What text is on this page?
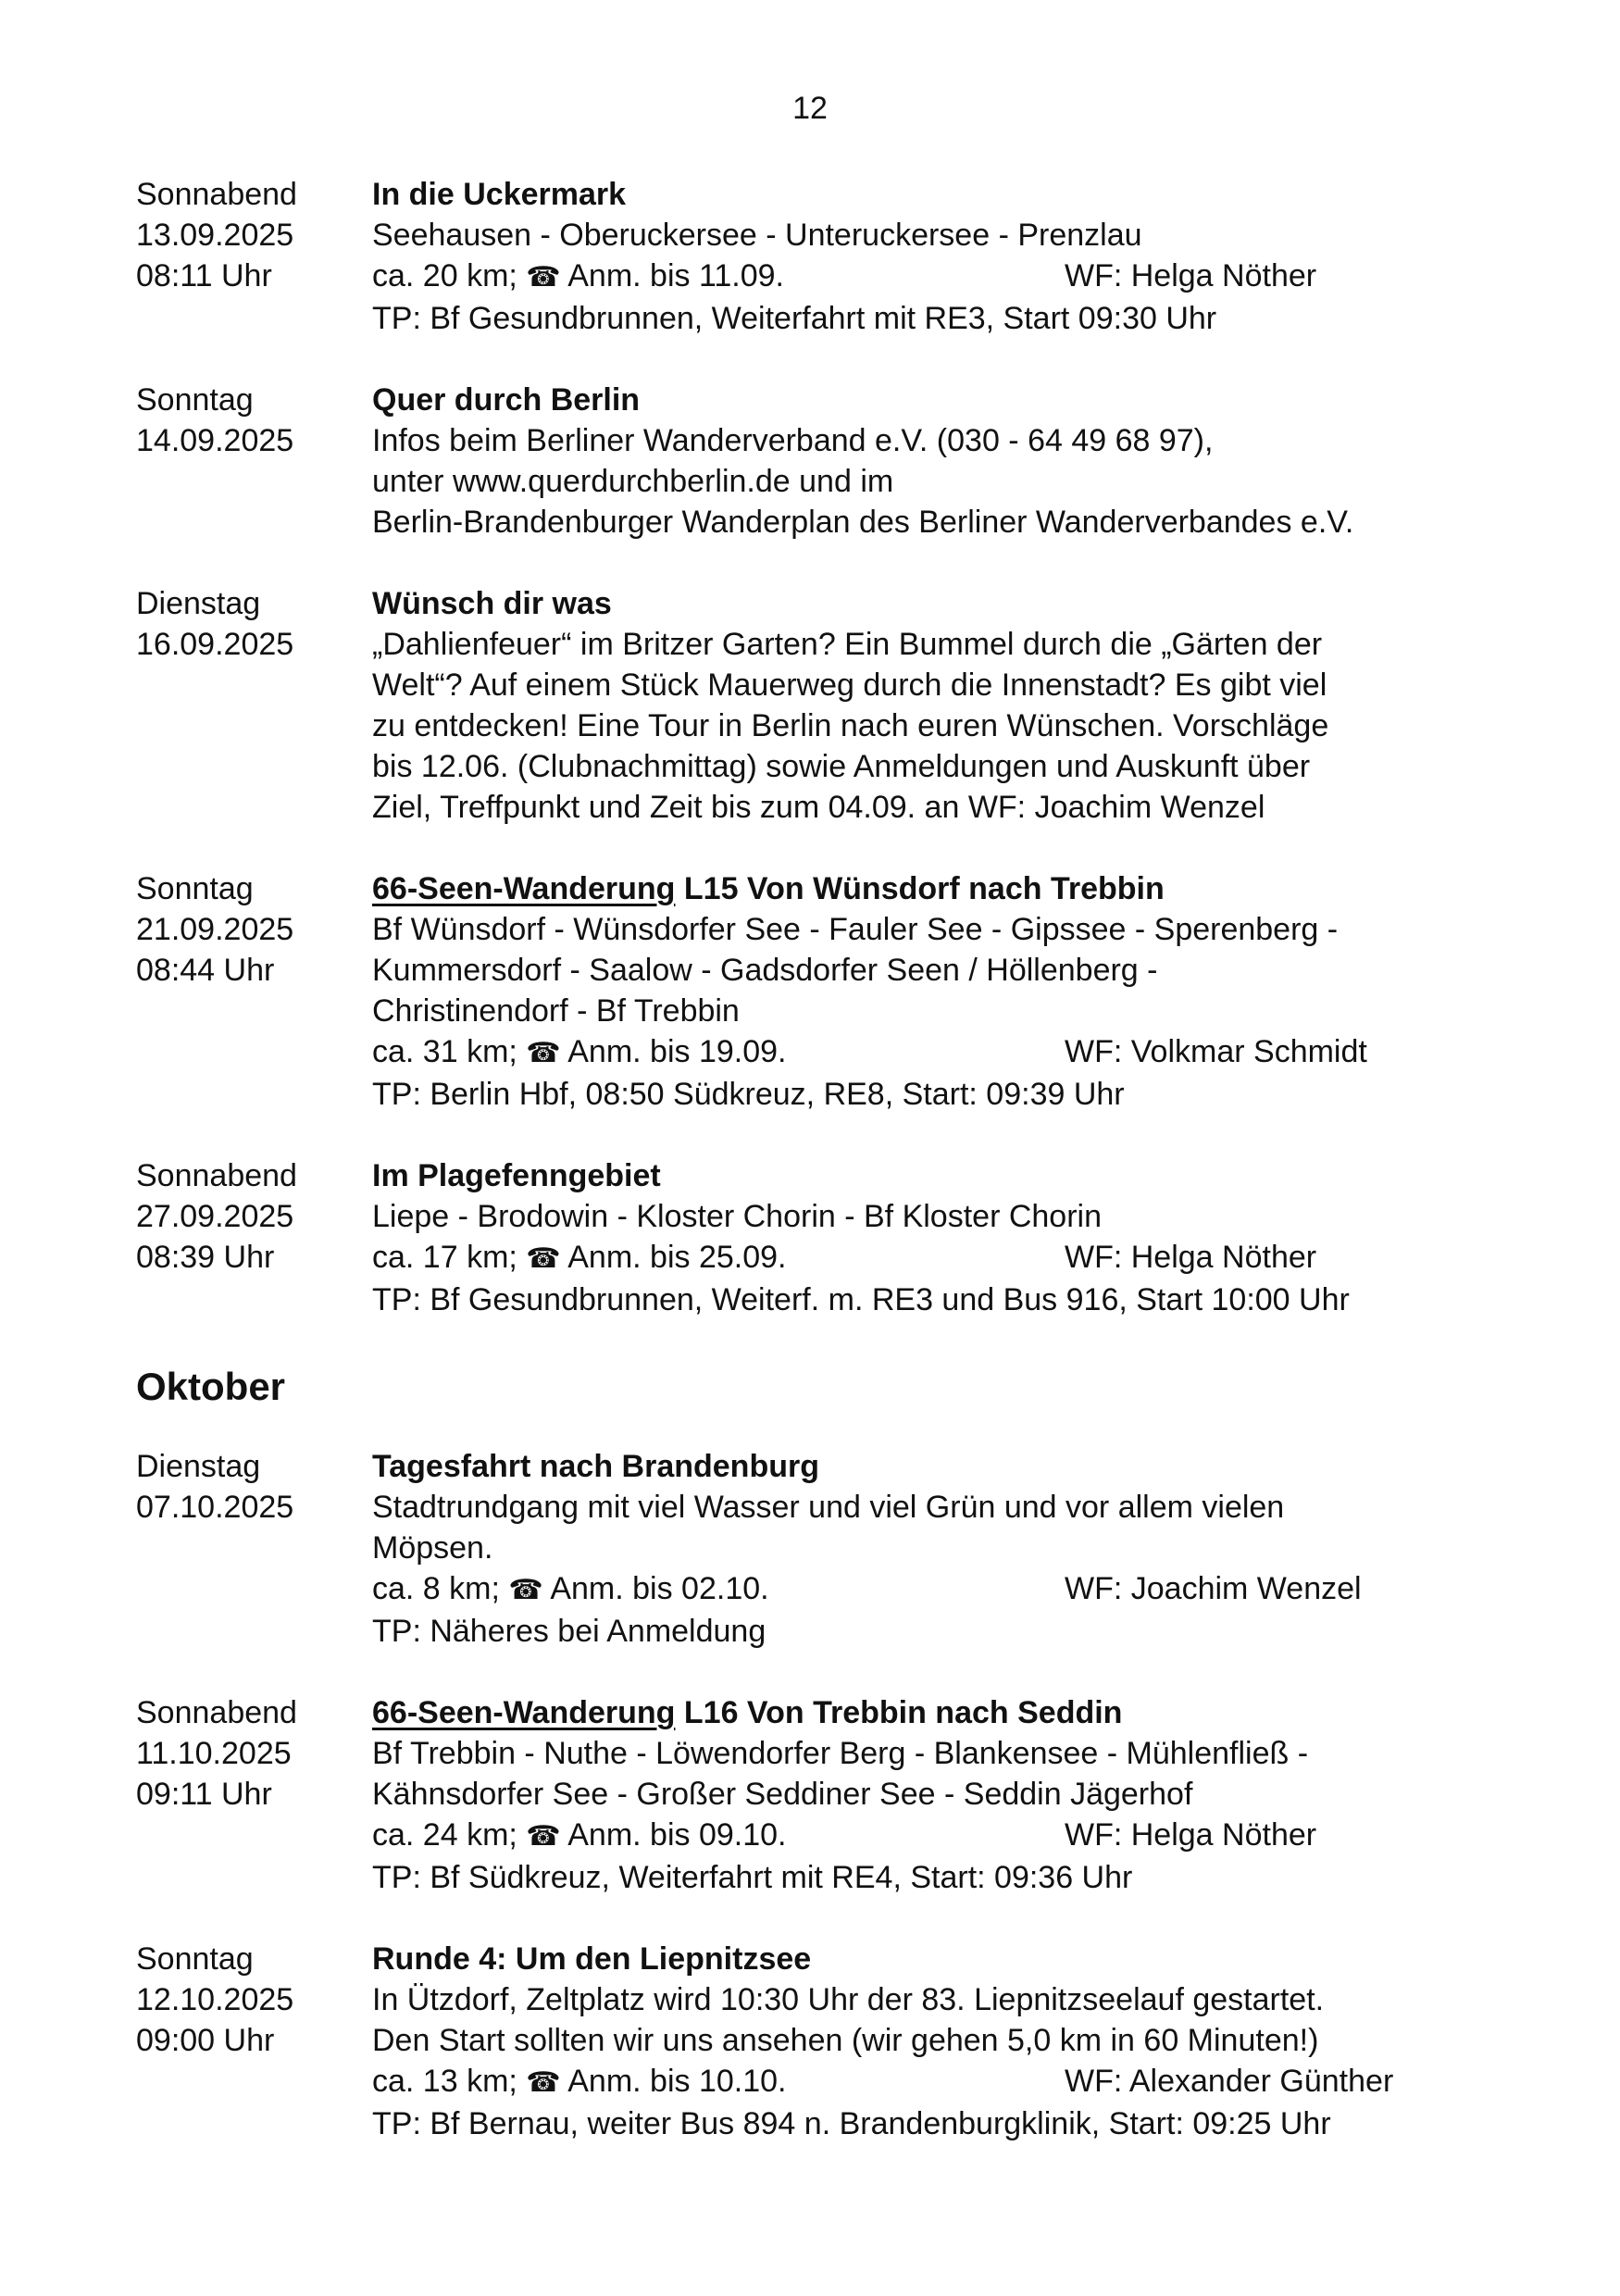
12
Sonnabend
13.09.2025
08:11 Uhr
In die Uckermark
Seehausen - Oberuckersee - Unteruckersee - Prenzlau
ca. 20 km; ☎ Anm. bis 11.09.	WF: Helga Nöther
TP: Bf Gesundbrunnen, Weiterfahrt mit RE3, Start 09:30 Uhr
Sonntag
14.09.2025
Quer durch Berlin
Infos beim Berliner Wanderverband e.V. (030 - 64 49 68 97),
unter www.querdurchberlin.de und im
Berlin-Brandenburger Wanderplan des Berliner Wanderverbandes e.V.
Dienstag
16.09.2025
Wünsch dir was
„Dahlienfeuer“ im Britzer Garten? Ein Bummel durch die „Gärten der
Welt“? Auf einem Stück Mauerweg durch die Innenstadt? Es gibt viel
zu entdecken! Eine Tour in Berlin nach euren Wünschen. Vorschläge
bis 12.06. (Clubnachmittag) sowie Anmeldungen und Auskunft über
Ziel, Treffpunkt und Zeit bis zum 04.09. an WF: Joachim Wenzel
Sonntag
21.09.2025
08:44 Uhr
66-Seen-Wanderung L15 Von Wünsdorf nach Trebbin
Bf Wünsdorf - Wünsdorfer See - Fauler See - Gipssee - Sperenberg -
Kummersdorf - Saalow - Gadsdorfer Seen / Höllenberg -
Christinendorf - Bf Trebbin
ca. 31 km; ☎ Anm. bis 19.09.	WF: Volkmar Schmidt
TP: Berlin Hbf, 08:50 Südkreuz, RE8, Start: 09:39 Uhr
Sonnabend
27.09.2025
08:39 Uhr
Im Plagefenngebiet
Liepe - Brodowin - Kloster Chorin - Bf Kloster Chorin
ca. 17 km; ☎ Anm. bis 25.09.	WF: Helga Nöther
TP: Bf Gesundbrunnen, Weiterf. m. RE3 und Bus 916, Start 10:00 Uhr
Oktober
Dienstag
07.10.2025
Tagesfahrt nach Brandenburg
Stadtrundgang mit viel Wasser und viel Grün und vor allem vielen
Möpsen.
ca. 8 km; ☎ Anm. bis 02.10.	WF: Joachim Wenzel
TP: Näheres bei Anmeldung
Sonnabend
11.10.2025
09:11 Uhr
66-Seen-Wanderung L16 Von Trebbin nach Seddin
Bf Trebbin - Nuthe - Löwendorfer Berg - Blankensee - Mühlenfließ -
Kähnsdorfer See - Großer Seddiner See - Seddin Jägerhof
ca. 24 km; ☎ Anm. bis 09.10.	WF: Helga Nöther
TP: Bf Südkreuz, Weiterfahrt mit RE4, Start: 09:36 Uhr
Sonntag
12.10.2025
09:00 Uhr
Runde 4: Um den Liepnitzsee
In Ützdorf, Zeltplatz wird 10:30 Uhr der 83. Liepnitzseelauf gestartet.
Den Start sollten wir uns ansehen (wir gehen 5,0 km in 60 Minuten!)
ca. 13 km; ☎ Anm. bis 10.10.	WF: Alexander Günther
TP: Bf Bernau, weiter Bus 894 n. Brandenburgklinik, Start: 09:25 Uhr
